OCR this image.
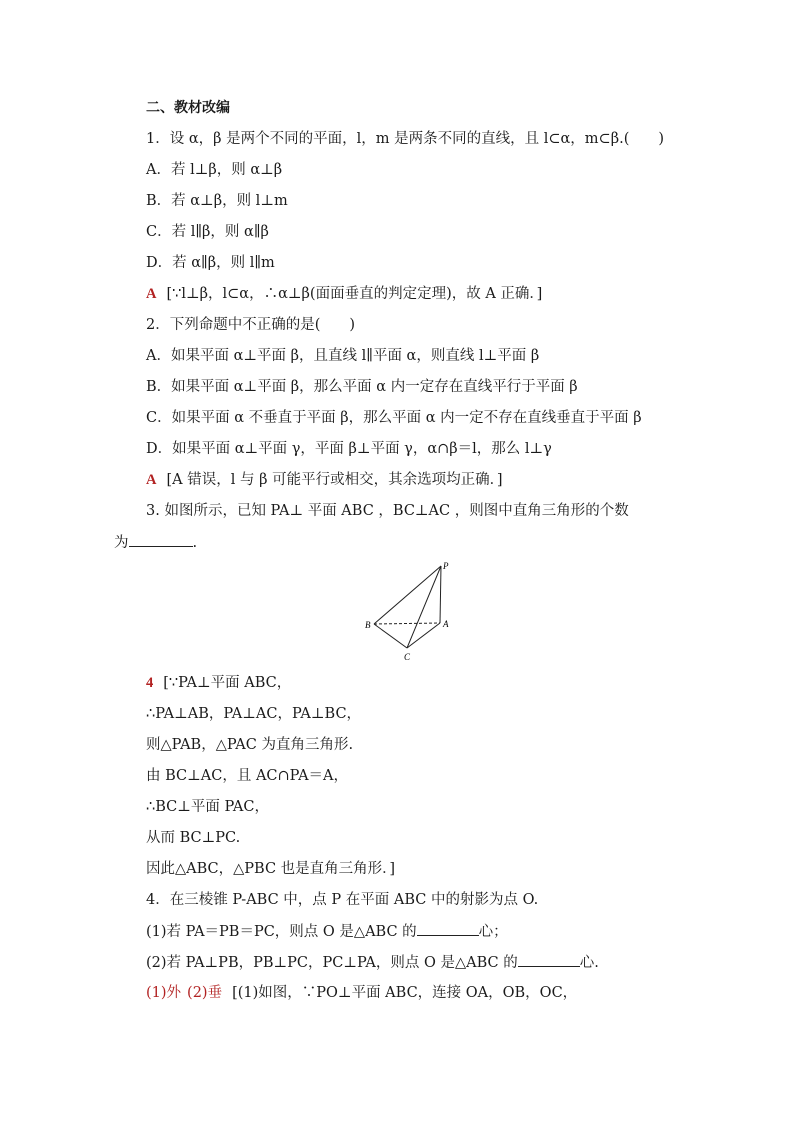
二、教材改编
1．设 α，β 是两个不同的平面，l，m 是两条不同的直线，且 l⊂α，m⊂β.(　　)
A．若 l⊥β，则 α⊥β
B．若 α⊥β，则 l⊥m
C．若 l∥β，则 α∥β
D．若 α∥β，则 l∥m
A [∵l⊥β，l⊂α，∴α⊥β(面面垂直的判定定理)，故 A 正确．]
2．下列命题中不正确的是(　　)
A．如果平面 α⊥平面 β，且直线 l∥平面 α，则直线 l⊥平面 β
B．如果平面 α⊥平面 β，那么平面 α 内一定存在直线平行于平面 β
C．如果平面 α 不垂直于平面 β，那么平面 α 内一定不存在直线垂直于平面 β
D．如果平面 α⊥平面 γ，平面 β⊥平面 γ，α∩β＝l，那么 l⊥γ
A [A 错误，l 与 β 可能平行或相交，其余选项均正确．]
3. 如图所示，已知 PA⊥ 平面 ABC ，BC⊥AC ，则图中直角三角形的个数
为	.
P
A
B
C
4 [∵PA⊥平面 ABC，
∴PA⊥AB，PA⊥AC，PA⊥BC，
则△PAB，△PAC 为直角三角形.
由 BC⊥AC，且 AC∩PA＝A，
∴BC⊥平面 PAC，
从而 BC⊥PC.
因此△ABC，△PBC 也是直角三角形．]
4．在三棱锥 P-ABC 中，点 P 在平面 ABC 中的射影为点 O.
(1)若 PA＝PB＝PC，则点 O 是△ABC 的	心；
(2)若 PA⊥PB，PB⊥PC，PC⊥PA，则点 O 是△ABC 的	心.
(1)外 (2)垂 [(1)如图，∵PO⊥平面 ABC，连接 OA，OB，OC，
